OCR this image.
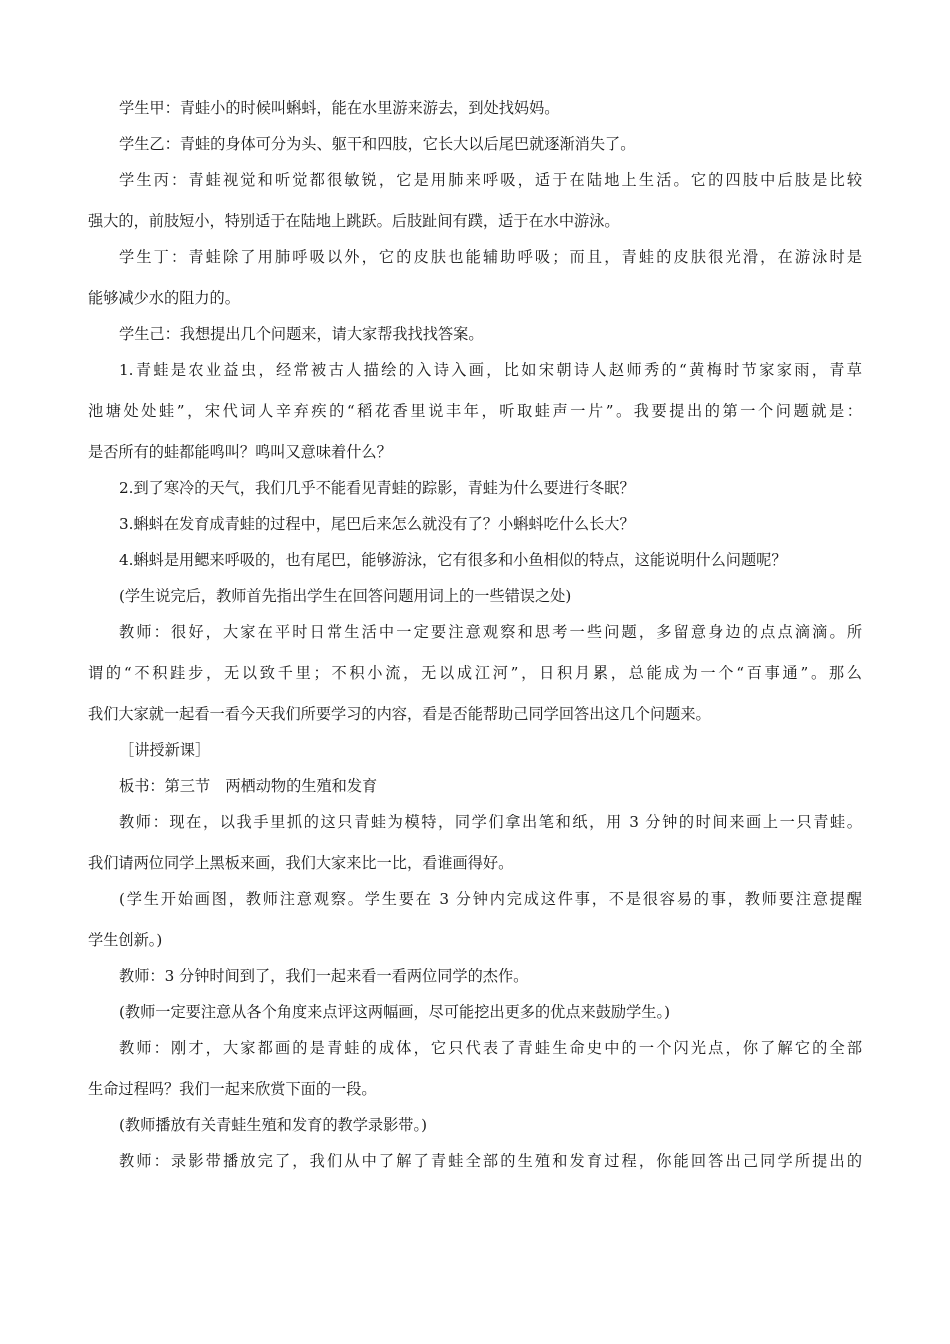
学生甲：青蛙小的时候叫蝌蚪，能在水里游来游去，到处找妈妈。

学生乙：青蛙的身体可分为头、躯干和四肢，它长大以后尾巴就逐渐消失了。

学生丙：青蛙视觉和听觉都很敏锐，它是用肺来呼吸，适于在陆地上生活。它的四肢中后肢是比较

强大的，前肢短小，特别适于在陆地上跳跃。后肢趾间有蹼，适于在水中游泳。

学生丁：青蛙除了用肺呼吸以外，它的皮肤也能辅助呼吸；而且，青蛙的皮肤很光滑，在游泳时是

能够减少水的阻力的。

学生己：我想提出几个问题来，请大家帮我找找答案。

1.青蛙是农业益虫，经常被古人描绘的入诗入画，比如宋朝诗人赵师秀的“黄梅时节家家雨，青草

池塘处处蛙”，宋代词人辛弃疾的“稻花香里说丰年，听取蛙声一片”。我要提出的第一个问题就是：

是否所有的蛙都能鸣叫？鸣叫又意味着什么？

2.到了寒冷的天气，我们几乎不能看见青蛙的踪影，青蛙为什么要进行冬眠？

3.蝌蚪在发育成青蛙的过程中，尾巴后来怎么就没有了？小蝌蚪吃什么长大？

4.蝌蚪是用鳃来呼吸的，也有尾巴，能够游泳，它有很多和小鱼相似的特点，这能说明什么问题呢？

(学生说完后，教师首先指出学生在回答问题用词上的一些错误之处)

教师：很好，大家在平时日常生活中一定要注意观察和思考一些问题，多留意身边的点点滴滴。所

谓的“不积跬步，无以致千里；不积小流，无以成江河”，日积月累，总能成为一个“百事通”。那么

我们大家就一起看一看今天我们所要学习的内容，看是否能帮助己同学回答出这几个问题来。

［讲授新课］

板书：第三节　两栖动物的生殖和发育

教师：现在，以我手里抓的这只青蛙为模特，同学们拿出笔和纸，用 3 分钟的时间来画上一只青蛙。

我们请两位同学上黑板来画，我们大家来比一比，看谁画得好。

(学生开始画图，教师注意观察。学生要在 3 分钟内完成这件事，不是很容易的事，教师要注意提醒

学生创新。)

教师：3 分钟时间到了，我们一起来看一看两位同学的杰作。

(教师一定要注意从各个角度来点评这两幅画，尽可能挖出更多的优点来鼓励学生。)

教师：刚才，大家都画的是青蛙的成体，它只代表了青蛙生命史中的一个闪光点，你了解它的全部

生命过程吗？我们一起来欣赏下面的一段。

(教师播放有关青蛙生殖和发育的教学录影带。)

教师：录影带播放完了，我们从中了解了青蛙全部的生殖和发育过程，你能回答出己同学所提出的
